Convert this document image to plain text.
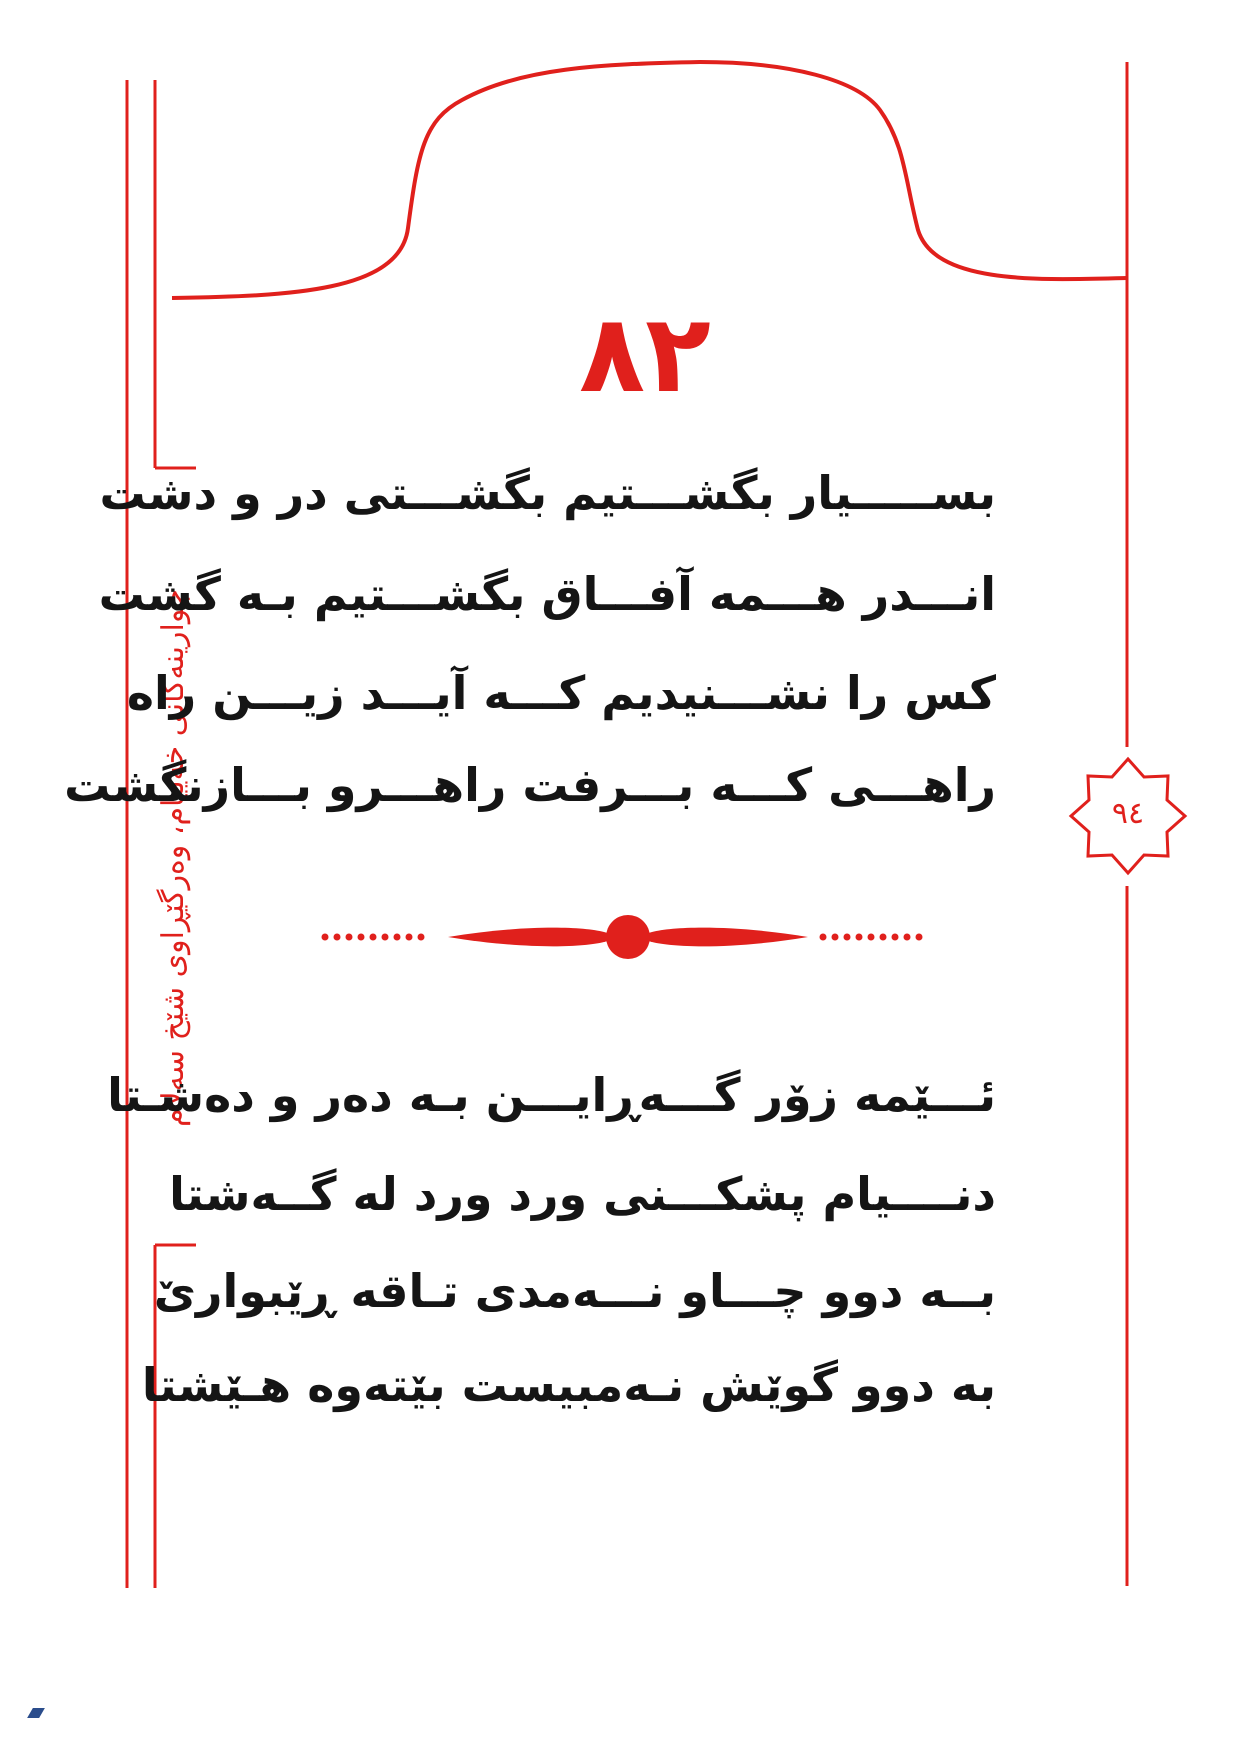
چوارینەکانی خەییام، وەرگێڕاوی شێخ سەلام
٨٢
٩٤
بســـــیار بگشـــتیم بگشـــتی در و دشت
انـــدر هـــمه آفـــاق بگشـــتیم بـه گشت
کس را نشـــنیدیم کـــه آیـــد زیـــن راه
راهـــی کـــه بـــرفت راهـــرو بـــازنگشت
ئـــێمه زۆر گـــەڕایـــن بـه دەر و دەشـتا
دنــــیام پشکـــنی ورد ورد لە گــەشتا
بــە دوو چـــاو نـــەمدی تـاقە ڕێبوارێ
بە دوو گوێش نـەمبیست بێتەوە هـێشتا
